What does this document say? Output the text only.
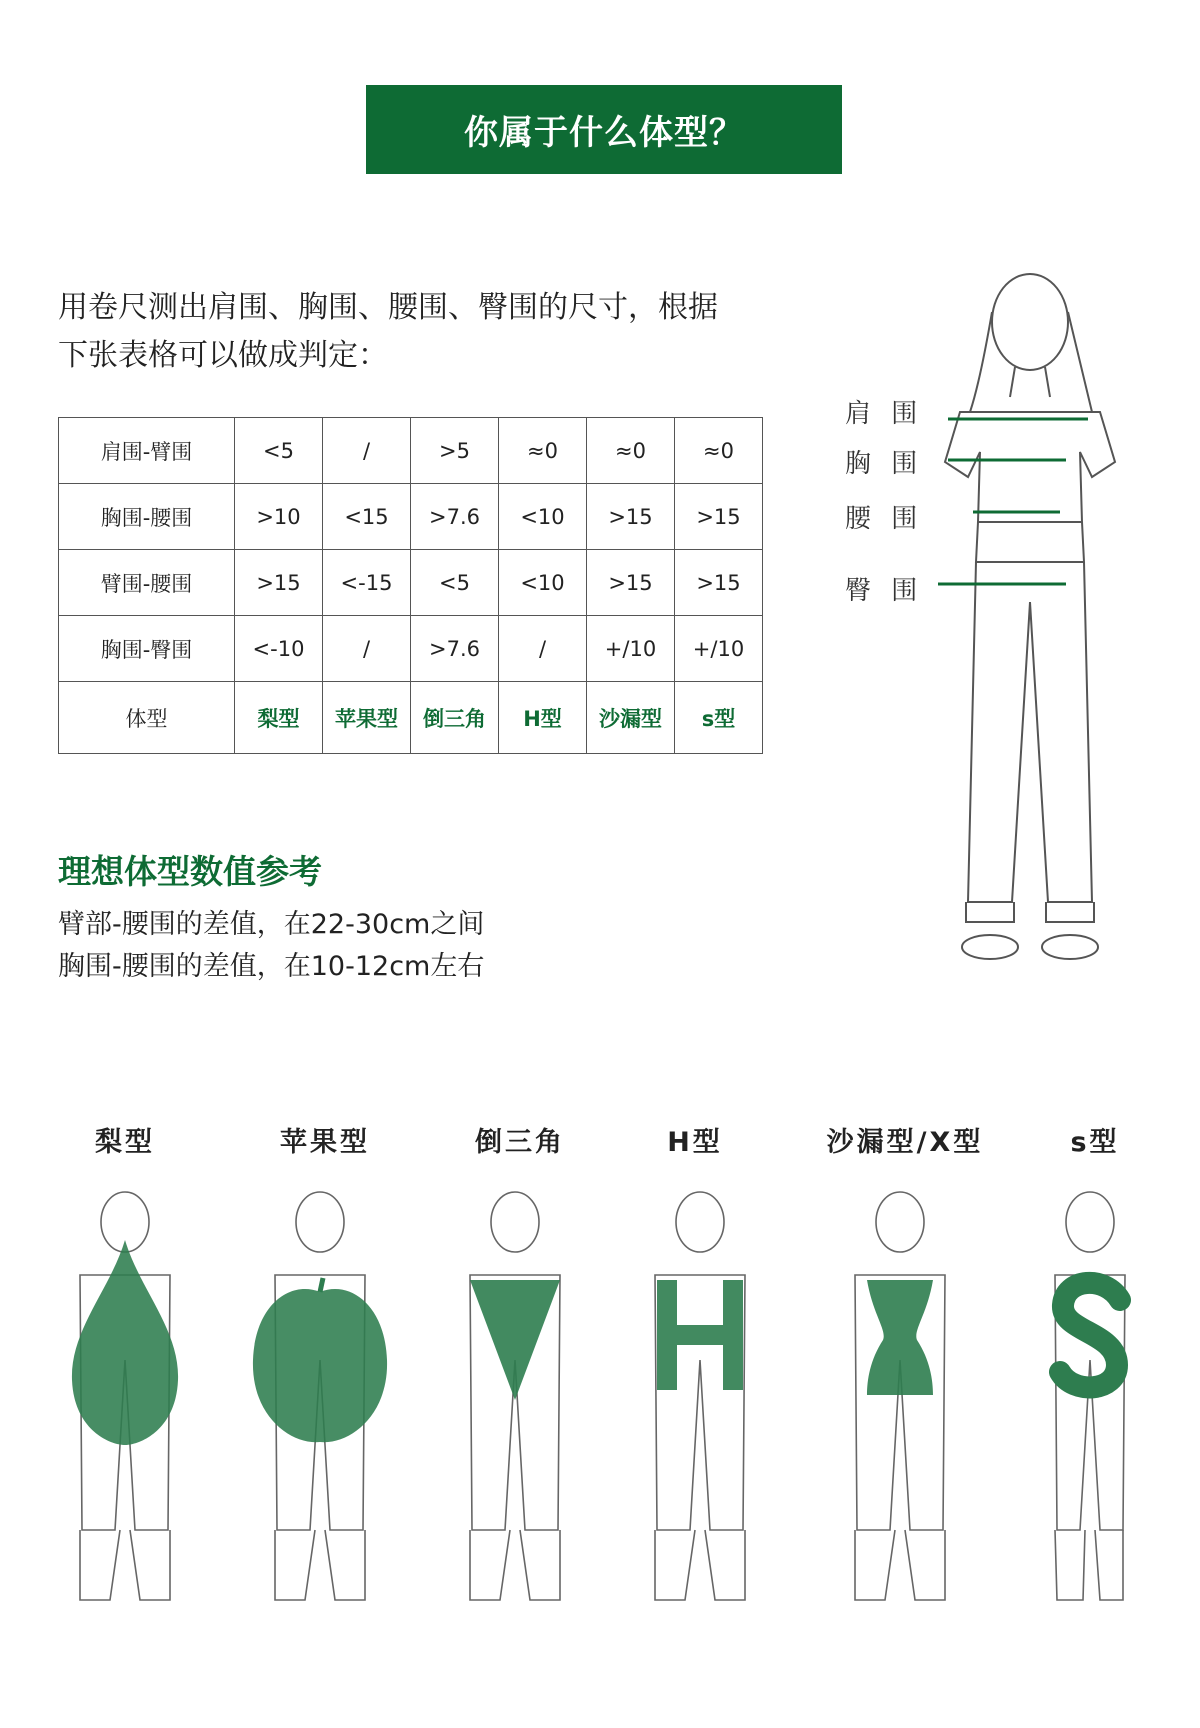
你属于什么体型？
用卷尺测出肩围、胸围、腰围、臀围的尺寸，根据
下张表格可以做成判定：
肩围-臂围	<5	/	>5	≈0	≈0	≈0
胸围-腰围	>10	<15	>7.6	<10	>15	>15
臂围-腰围	>15	<-15	<5	<10	>15	>15
胸围-臀围	<-10	/	>7.6	/	+/10	+/10
体型	梨型	苹果型	倒三角	H型	沙漏型	s型
理想体型数值参考
臂部-腰围的差值，在22-30cm之间
胸围-腰围的差值，在10-12cm左右
肩 围
胸 围
腰 围
臀 围
梨型	苹果型	倒三角	H型	沙漏型/X型	s型
